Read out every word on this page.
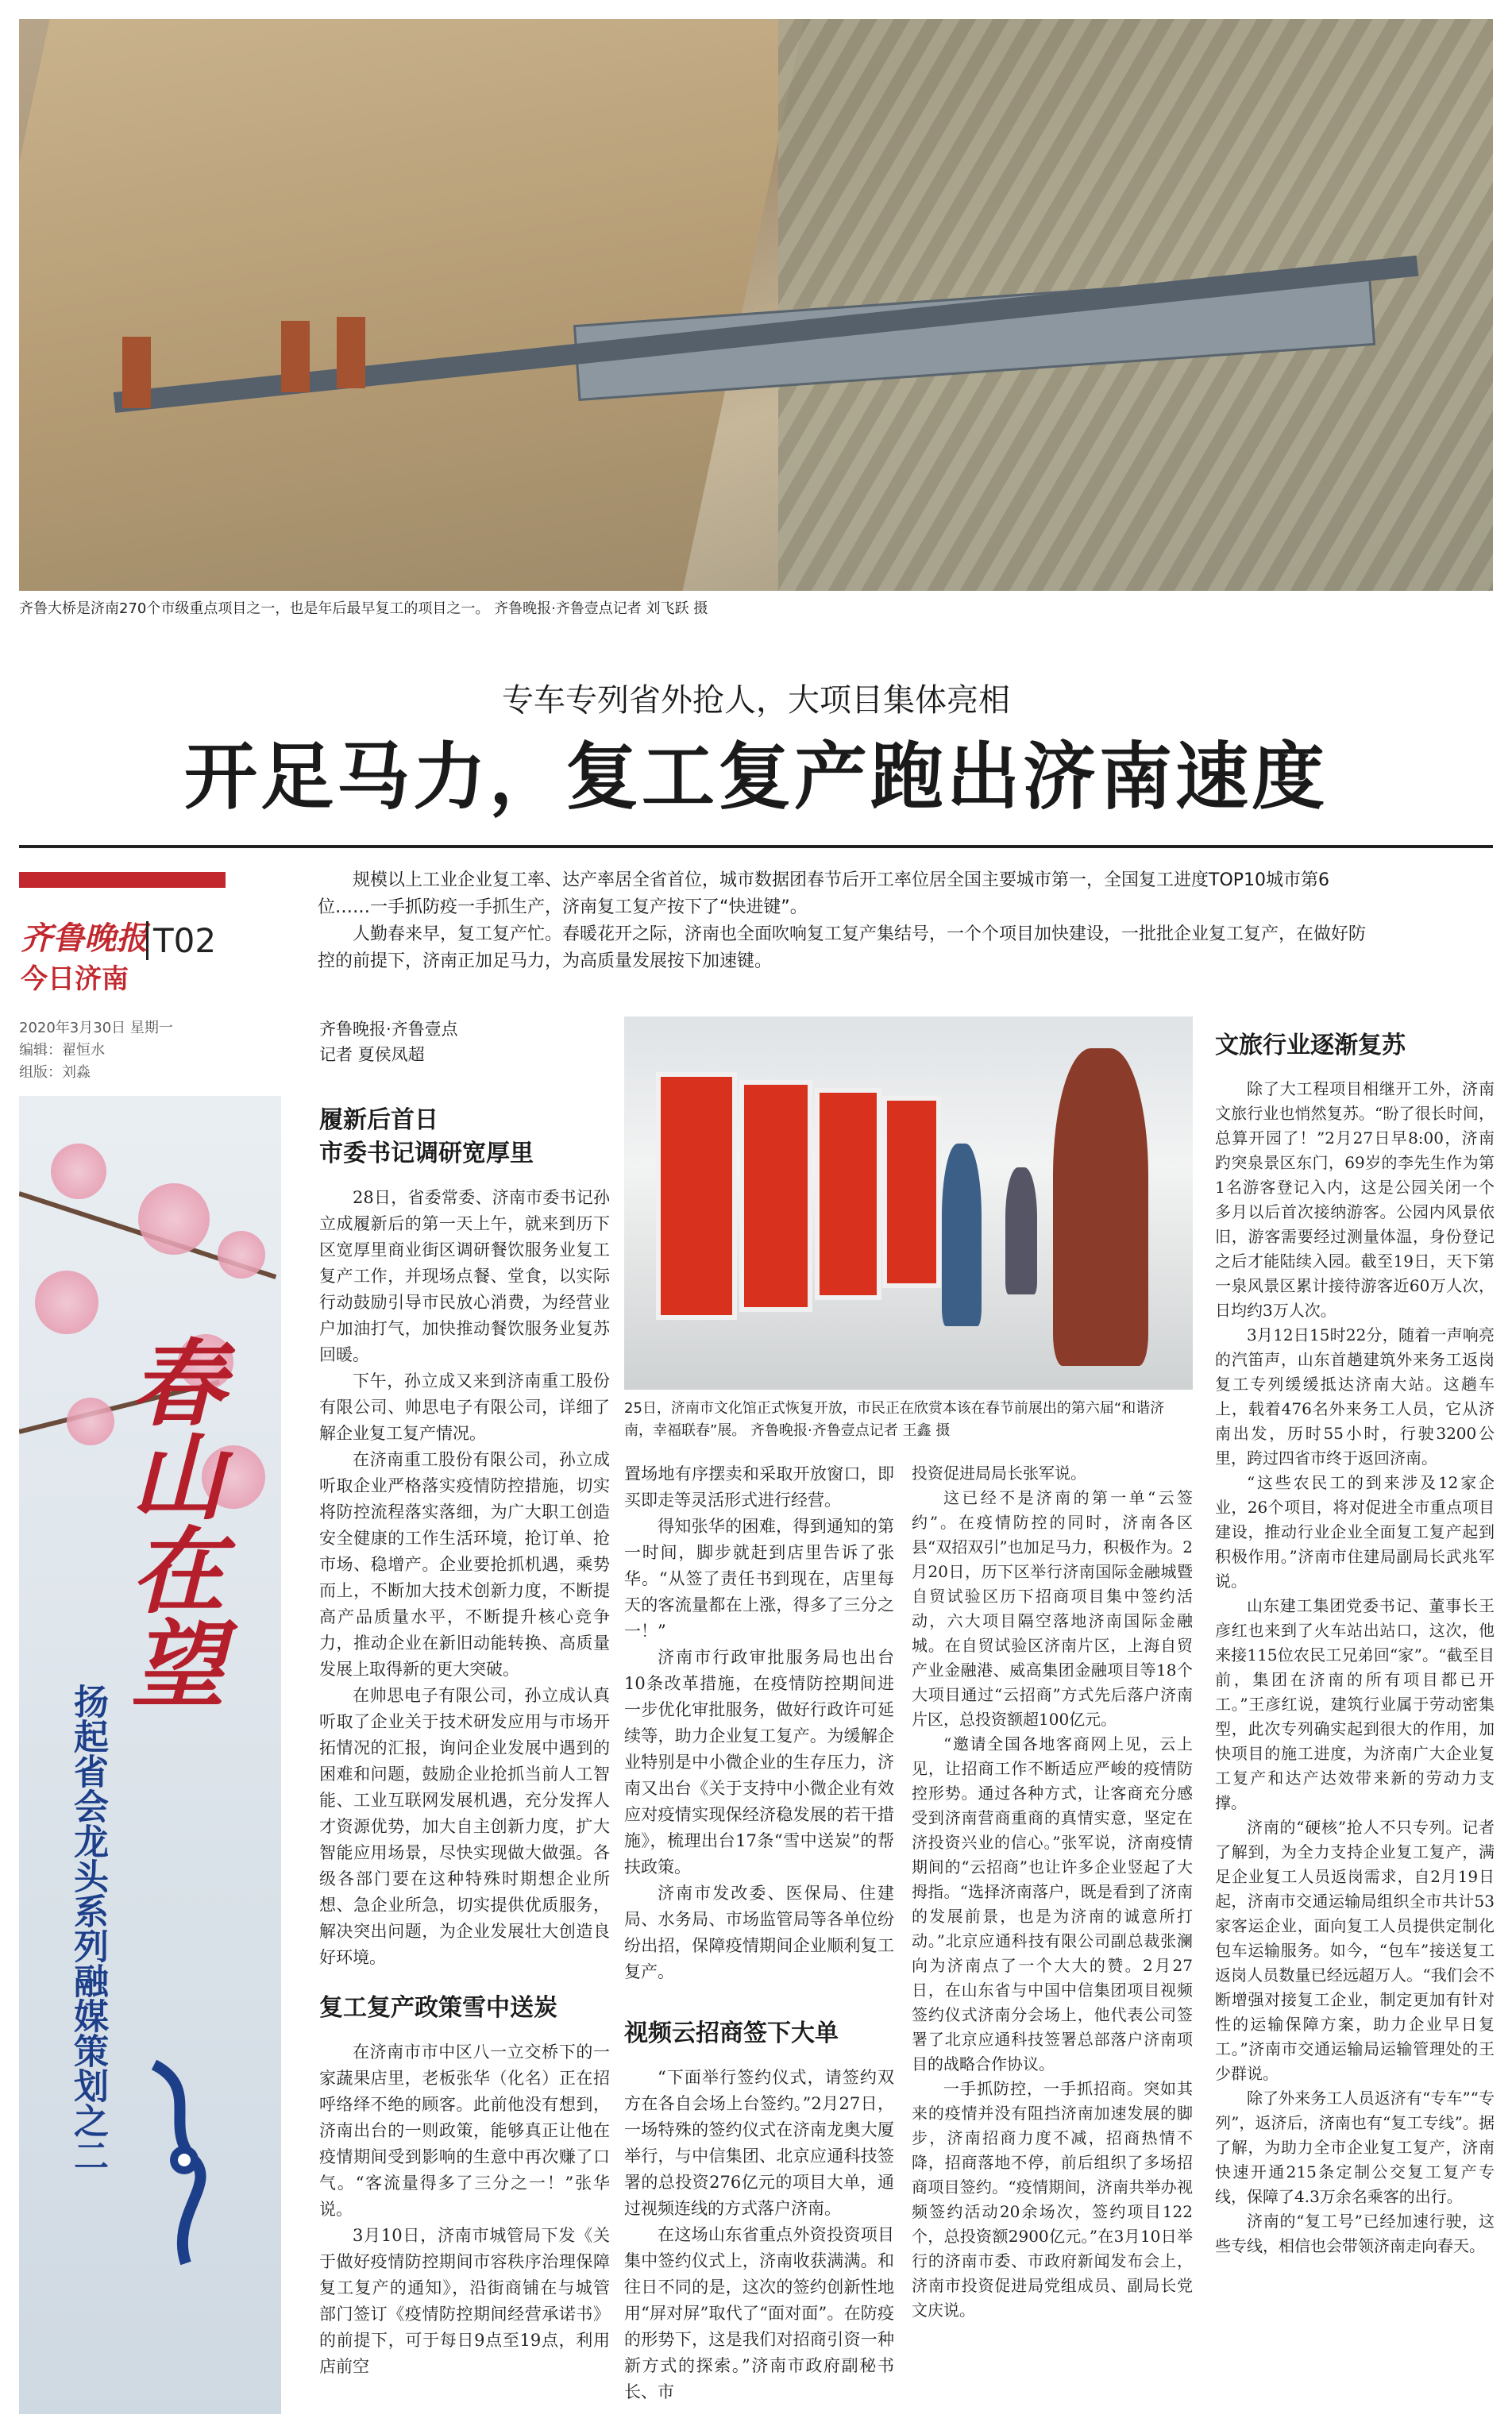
齐鲁大桥是济南270个市级重点项目之一，也是年后最早复工的项目之一。 齐鲁晚报·齐鲁壹点记者 刘飞跃 摄
专车专列省外抢人，大项目集体亮相
开足马力，复工复产跑出济南速度
齐鲁晚报
今日济南
T02
2020年3月30日 星期一
编辑：翟恒水
组版：刘淼

规模以上工业企业复工率、达产率居全省首位，城市数据团春节后开工率位居全国主要城市第一，全国复工进度TOP10城市第6位……一手抓防疫一手抓生产，济南复工复产按下了“快进键”。

人勤春来早，复工复产忙。春暖花开之际，济南也全面吹响复工复产集结号，一个个项目加快建设，一批批企业复工复产，在做好防控的前提下，济南正加足马力，为高质量发展按下加速键。

春山在望
扬起省会龙头系列融媒策划之二
齐鲁晚报·齐鲁壹点
记者 夏侯凤超
25日，济南市文化馆正式恢复开放，市民正在欣赏本该在春节前展出的第六届“和谐济南，幸福联春”展。 齐鲁晚报·齐鲁壹点记者 王鑫 摄
履新后首日
市委书记调研宽厚里

28日，省委常委、济南市委书记孙立成履新后的第一天上午，就来到历下区宽厚里商业街区调研餐饮服务业复工复产工作，并现场点餐、堂食，以实际行动鼓励引导市民放心消费，为经营业户加油打气，加快推动餐饮服务业复苏回暖。

下午，孙立成又来到济南重工股份有限公司、帅思电子有限公司，详细了解企业复工复产情况。

在济南重工股份有限公司，孙立成听取企业严格落实疫情防控措施，切实将防控流程落实落细，为广大职工创造安全健康的工作生活环境，抢订单、抢市场、稳增产。企业要抢抓机遇，乘势而上，不断加大技术创新力度，不断提高产品质量水平，不断提升核心竞争力，推动企业在新旧动能转换、高质量发展上取得新的更大突破。

在帅思电子有限公司，孙立成认真听取了企业关于技术研发应用与市场开拓情况的汇报，询问企业发展中遇到的困难和问题，鼓励企业抢抓当前人工智能、工业互联网发展机遇，充分发挥人才资源优势，加大自主创新力度，扩大智能应用场景，尽快实现做大做强。各级各部门要在这种特殊时期想企业所想、急企业所急，切实提供优质服务，解决突出问题，为企业发展壮大创造良好环境。

复工复产政策雪中送炭

在济南市市中区八一立交桥下的一家蔬果店里，老板张华（化名）正在招呼络绎不绝的顾客。此前他没有想到，济南出台的一则政策，能够真正让他在疫情期间受到影响的生意中再次赚了口气。“客流量得多了三分之一！”张华说。

3月10日，济南市城管局下发《关于做好疫情防控期间市容秩序治理保障复工复产的通知》，沿街商铺在与城管部门签订《疫情防控期间经营承诺书》的前提下，可于每日9点至19点，利用店前空

置场地有序摆卖和采取开放窗口，即买即走等灵活形式进行经营。

得知张华的困难，得到通知的第一时间，脚步就赶到店里告诉了张华。“从签了责任书到现在，店里每天的客流量都在上涨，得多了三分之一！”

济南市行政审批服务局也出台10条改革措施，在疫情防控期间进一步优化审批服务，做好行政许可延续等，助力企业复工复产。为缓解企业特别是中小微企业的生存压力，济南又出台《关于支持中小微企业有效应对疫情实现保经济稳发展的若干措施》，梳理出台17条“雪中送炭”的帮扶政策。

济南市发改委、医保局、住建局、水务局、市场监管局等各单位纷纷出招，保障疫情期间企业顺利复工复产。

视频云招商签下大单

“下面举行签约仪式，请签约双方在各自会场上台签约。”2月27日，一场特殊的签约仪式在济南龙奥大厦举行，与中信集团、北京应通科技签署的总投资276亿元的项目大单，通过视频连线的方式落户济南。

在这场山东省重点外资投资项目集中签约仪式上，济南收获满满。和往日不同的是，这次的签约创新性地用“屏对屏”取代了“面对面”。在防疫的形势下，这是我们对招商引资一种新方式的探索。”济南市政府副秘书长、市

投资促进局局长张军说。

这已经不是济南的第一单“云签约”。在疫情防控的同时，济南各区县“双招双引”也加足马力，积极作为。2月20日，历下区举行济南国际金融城暨自贸试验区历下招商项目集中签约活动，六大项目隔空落地济南国际金融城。在自贸试验区济南片区，上海自贸产业金融港、威高集团金融项目等18个大项目通过“云招商”方式先后落户济南片区，总投资额超100亿元。

“邀请全国各地客商网上见，云上见，让招商工作不断适应严峻的疫情防控形势。通过各种方式，让客商充分感受到济南营商重商的真情实意，坚定在济投资兴业的信心。”张军说，济南疫情期间的“云招商”也让许多企业竖起了大拇指。“选择济南落户，既是看到了济南的发展前景，也是为济南的诚意所打动。”北京应通科技有限公司副总裁张澜向为济南点了一个大大的赞。2月27日，在山东省与中国中信集团项目视频签约仪式济南分会场上，他代表公司签署了北京应通科技签署总部落户济南项目的战略合作协议。

一手抓防控，一手抓招商。突如其来的疫情并没有阻挡济南加速发展的脚步，济南招商力度不减，招商热情不降，招商落地不停，前后组织了多场招商项目签约。“疫情期间，济南共举办视频签约活动20余场次，签约项目122个，总投资额2900亿元。”在3月10日举行的济南市委、市政府新闻发布会上，济南市投资促进局党组成员、副局长党文庆说。

文旅行业逐渐复苏

除了大工程项目相继开工外，济南文旅行业也悄然复苏。“盼了很长时间，总算开园了！”2月27日早8:00，济南趵突泉景区东门，69岁的李先生作为第1名游客登记入内，这是公园关闭一个多月以后首次接纳游客。公园内风景依旧，游客需要经过测量体温，身份登记之后才能陆续入园。截至19日，天下第一泉风景区累计接待游客近60万人次，日均约3万人次。

3月12日15时22分，随着一声响亮的汽笛声，山东首趟建筑外来务工返岗复工专列缓缓抵达济南大站。这趟车上，载着476名外来务工人员，它从济南出发，历时55小时，行驶3200公里，跨过四省市终于返回济南。

“这些农民工的到来涉及12家企业，26个项目，将对促进全市重点项目建设，推动行业企业全面复工复产起到积极作用。”济南市住建局副局长武兆军说。

山东建工集团党委书记、董事长王彦红也来到了火车站出站口，这次，他来接115位农民工兄弟回“家”。“截至目前，集团在济南的所有项目都已开工。”王彦红说，建筑行业属于劳动密集型，此次专列确实起到很大的作用，加快项目的施工进度，为济南广大企业复工复产和达产达效带来新的劳动力支撑。

济南的“硬核”抢人不只专列。记者了解到，为全力支持企业复工复产，满足企业复工人员返岗需求，自2月19日起，济南市交通运输局组织全市共计53家客运企业，面向复工人员提供定制化包车运输服务。如今，“包车”接送复工返岗人员数量已经远超万人。“我们会不断增强对接复工企业，制定更加有针对性的运输保障方案，助力企业早日复工。”济南市交通运输局运输管理处的王少群说。

除了外来务工人员返济有“专车”“专列”，返济后，济南也有“复工专线”。据了解，为助力全市企业复工复产，济南快速开通215条定制公交复工复产专线，保障了4.3万余名乘客的出行。

济南的“复工号”已经加速行驶，这些专线，相信也会带领济南走向春天。
